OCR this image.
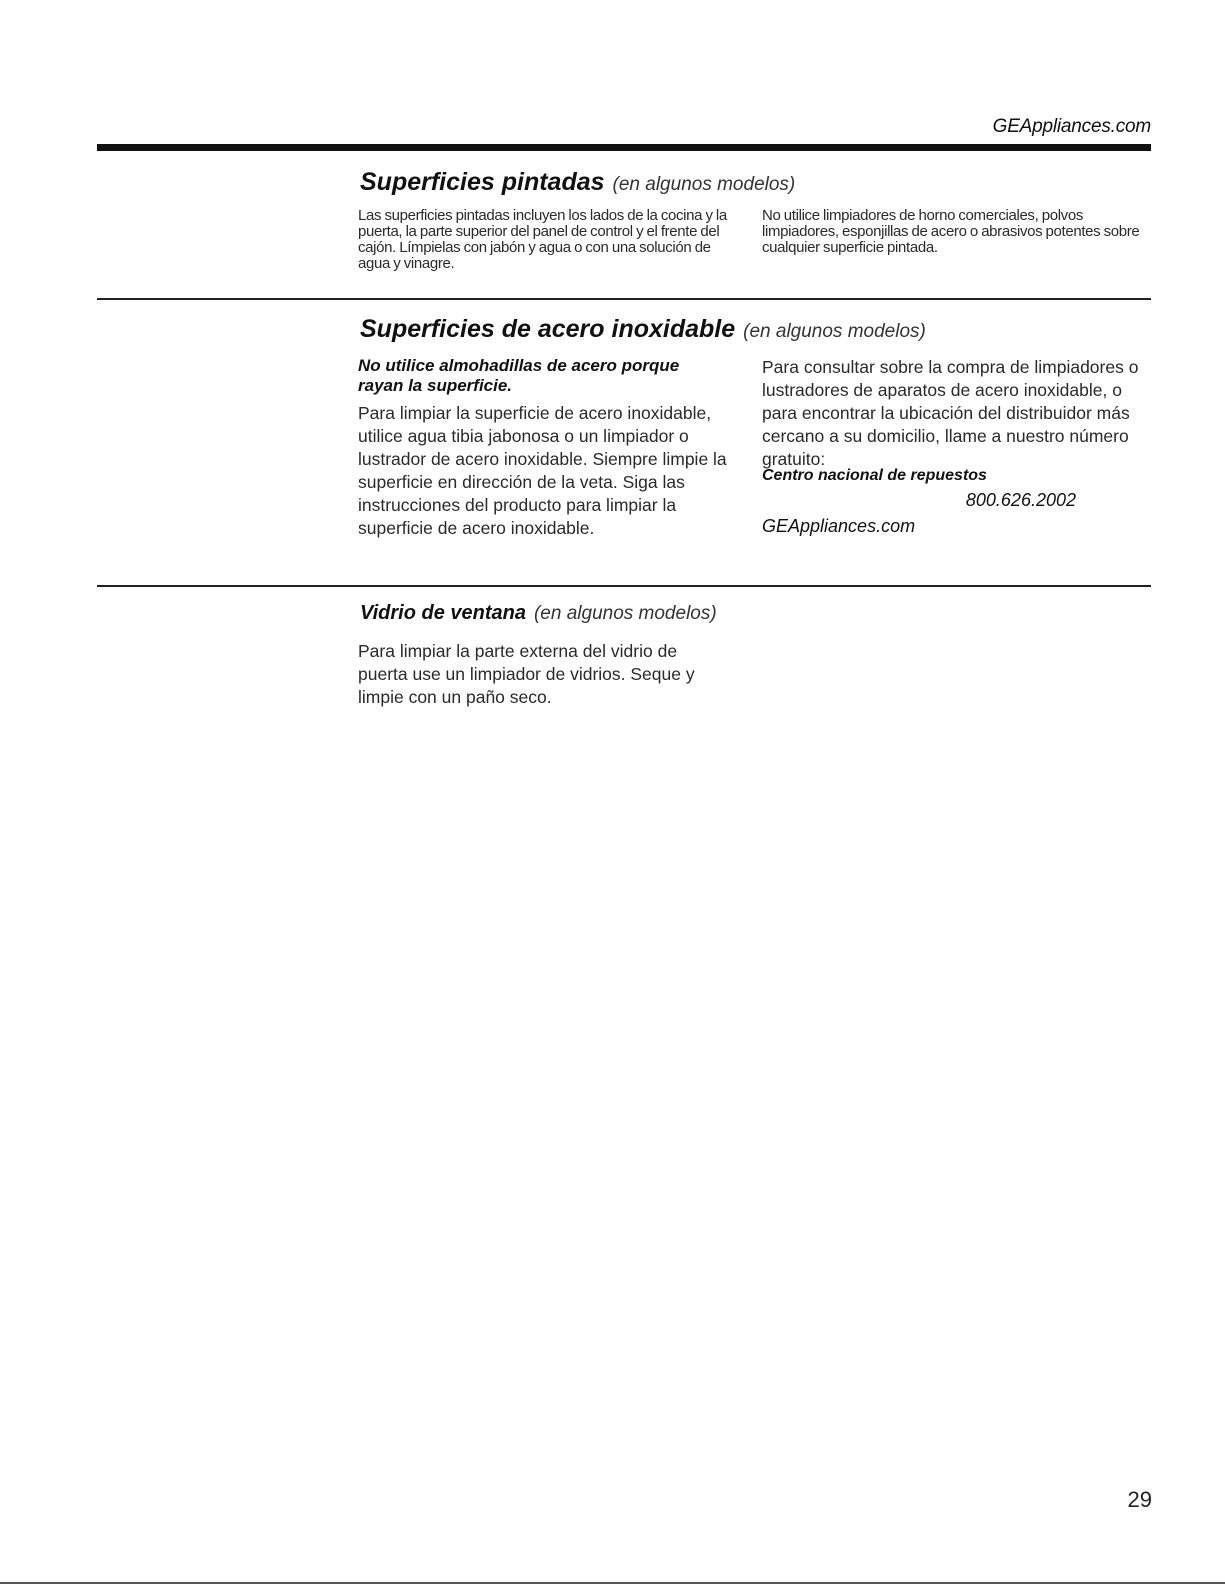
GEAppliances.com
Superficies pintadas (en algunos modelos)

Las superficies pintadas incluyen los lados de la cocina y la puerta, la parte superior del panel de control y el frente del cajón. Límpielas con jabón y agua o con una solución de agua y vinagre.

No utilice limpiadores de horno comerciales, polvos limpiadores, esponjillas de acero o abrasivos potentes sobre cualquier superficie pintada.

Superficies de acero inoxidable (en algunos modelos)

No utilice almohadillas de acero porque rayan la superficie.

Para limpiar la superficie de acero inoxidable, utilice agua tibia jabonosa o un limpiador o lustrador de acero inoxidable. Siempre limpie la superficie en dirección de la veta. Siga las instrucciones del producto para limpiar la superficie de acero inoxidable.

Para consultar sobre la compra de limpiadores o lustradores de aparatos de acero inoxidable, o para encontrar la ubicación del distribuidor más cercano a su domicilio, llame a nuestro número gratuito:

Centro nacional de repuestos
800.626.2002
GEAppliances.com
Vidrio de ventana (en algunos modelos)

Para limpiar la parte externa del vidrio de puerta use un limpiador de vidrios. Seque y limpie con un paño seco.

29
